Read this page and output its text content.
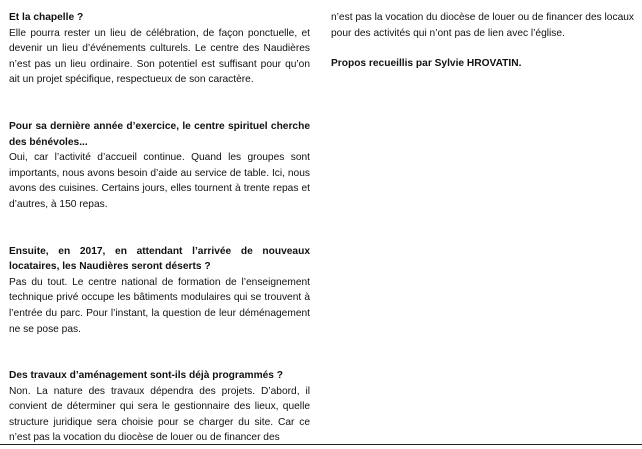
Et la chapelle ?

Elle pourra rester un lieu de célébration, de façon ponctuelle, et devenir un lieu d’événements culturels. Le centre des Naudières n’est pas un lieu ordinaire. Son potentiel est suffisant pour qu’on ait un projet spécifique, respectueux de son caractère.

Pour sa dernière année d’exercice, le centre spirituel cherche des bénévoles...

Oui, car l’activité d’accueil continue. Quand les groupes sont importants, nous avons besoin d’aide au service de table. Ici, nous avons des cuisines. Certains jours, elles tournent à trente repas et d’autres, à 150 repas.

Ensuite, en 2017, en attendant l’arrivée de nouveaux locataires, les Naudières seront déserts ?

Pas du tout. Le centre national de formation de l’enseignement technique privé occupe les bâtiments modulaires qui se trouvent à l’entrée du parc. Pour l’instant, la question de leur déménagement ne se pose pas.

Des travaux d’aménagement sont-ils déjà programmés ?

Non. La nature des travaux dépendra des projets. D’abord, il convient de déterminer qui sera le gestionnaire des lieux, quelle structure juridique sera choisie pour se charger du site. Car ce n’est pas la vocation du diocèse de louer ou de financer des

n’est pas la vocation du diocèse de louer ou de financer des locaux pour des activités qui n’ont pas de lien avec l’église.

Propos recueillis par Sylvie HROVATIN.
